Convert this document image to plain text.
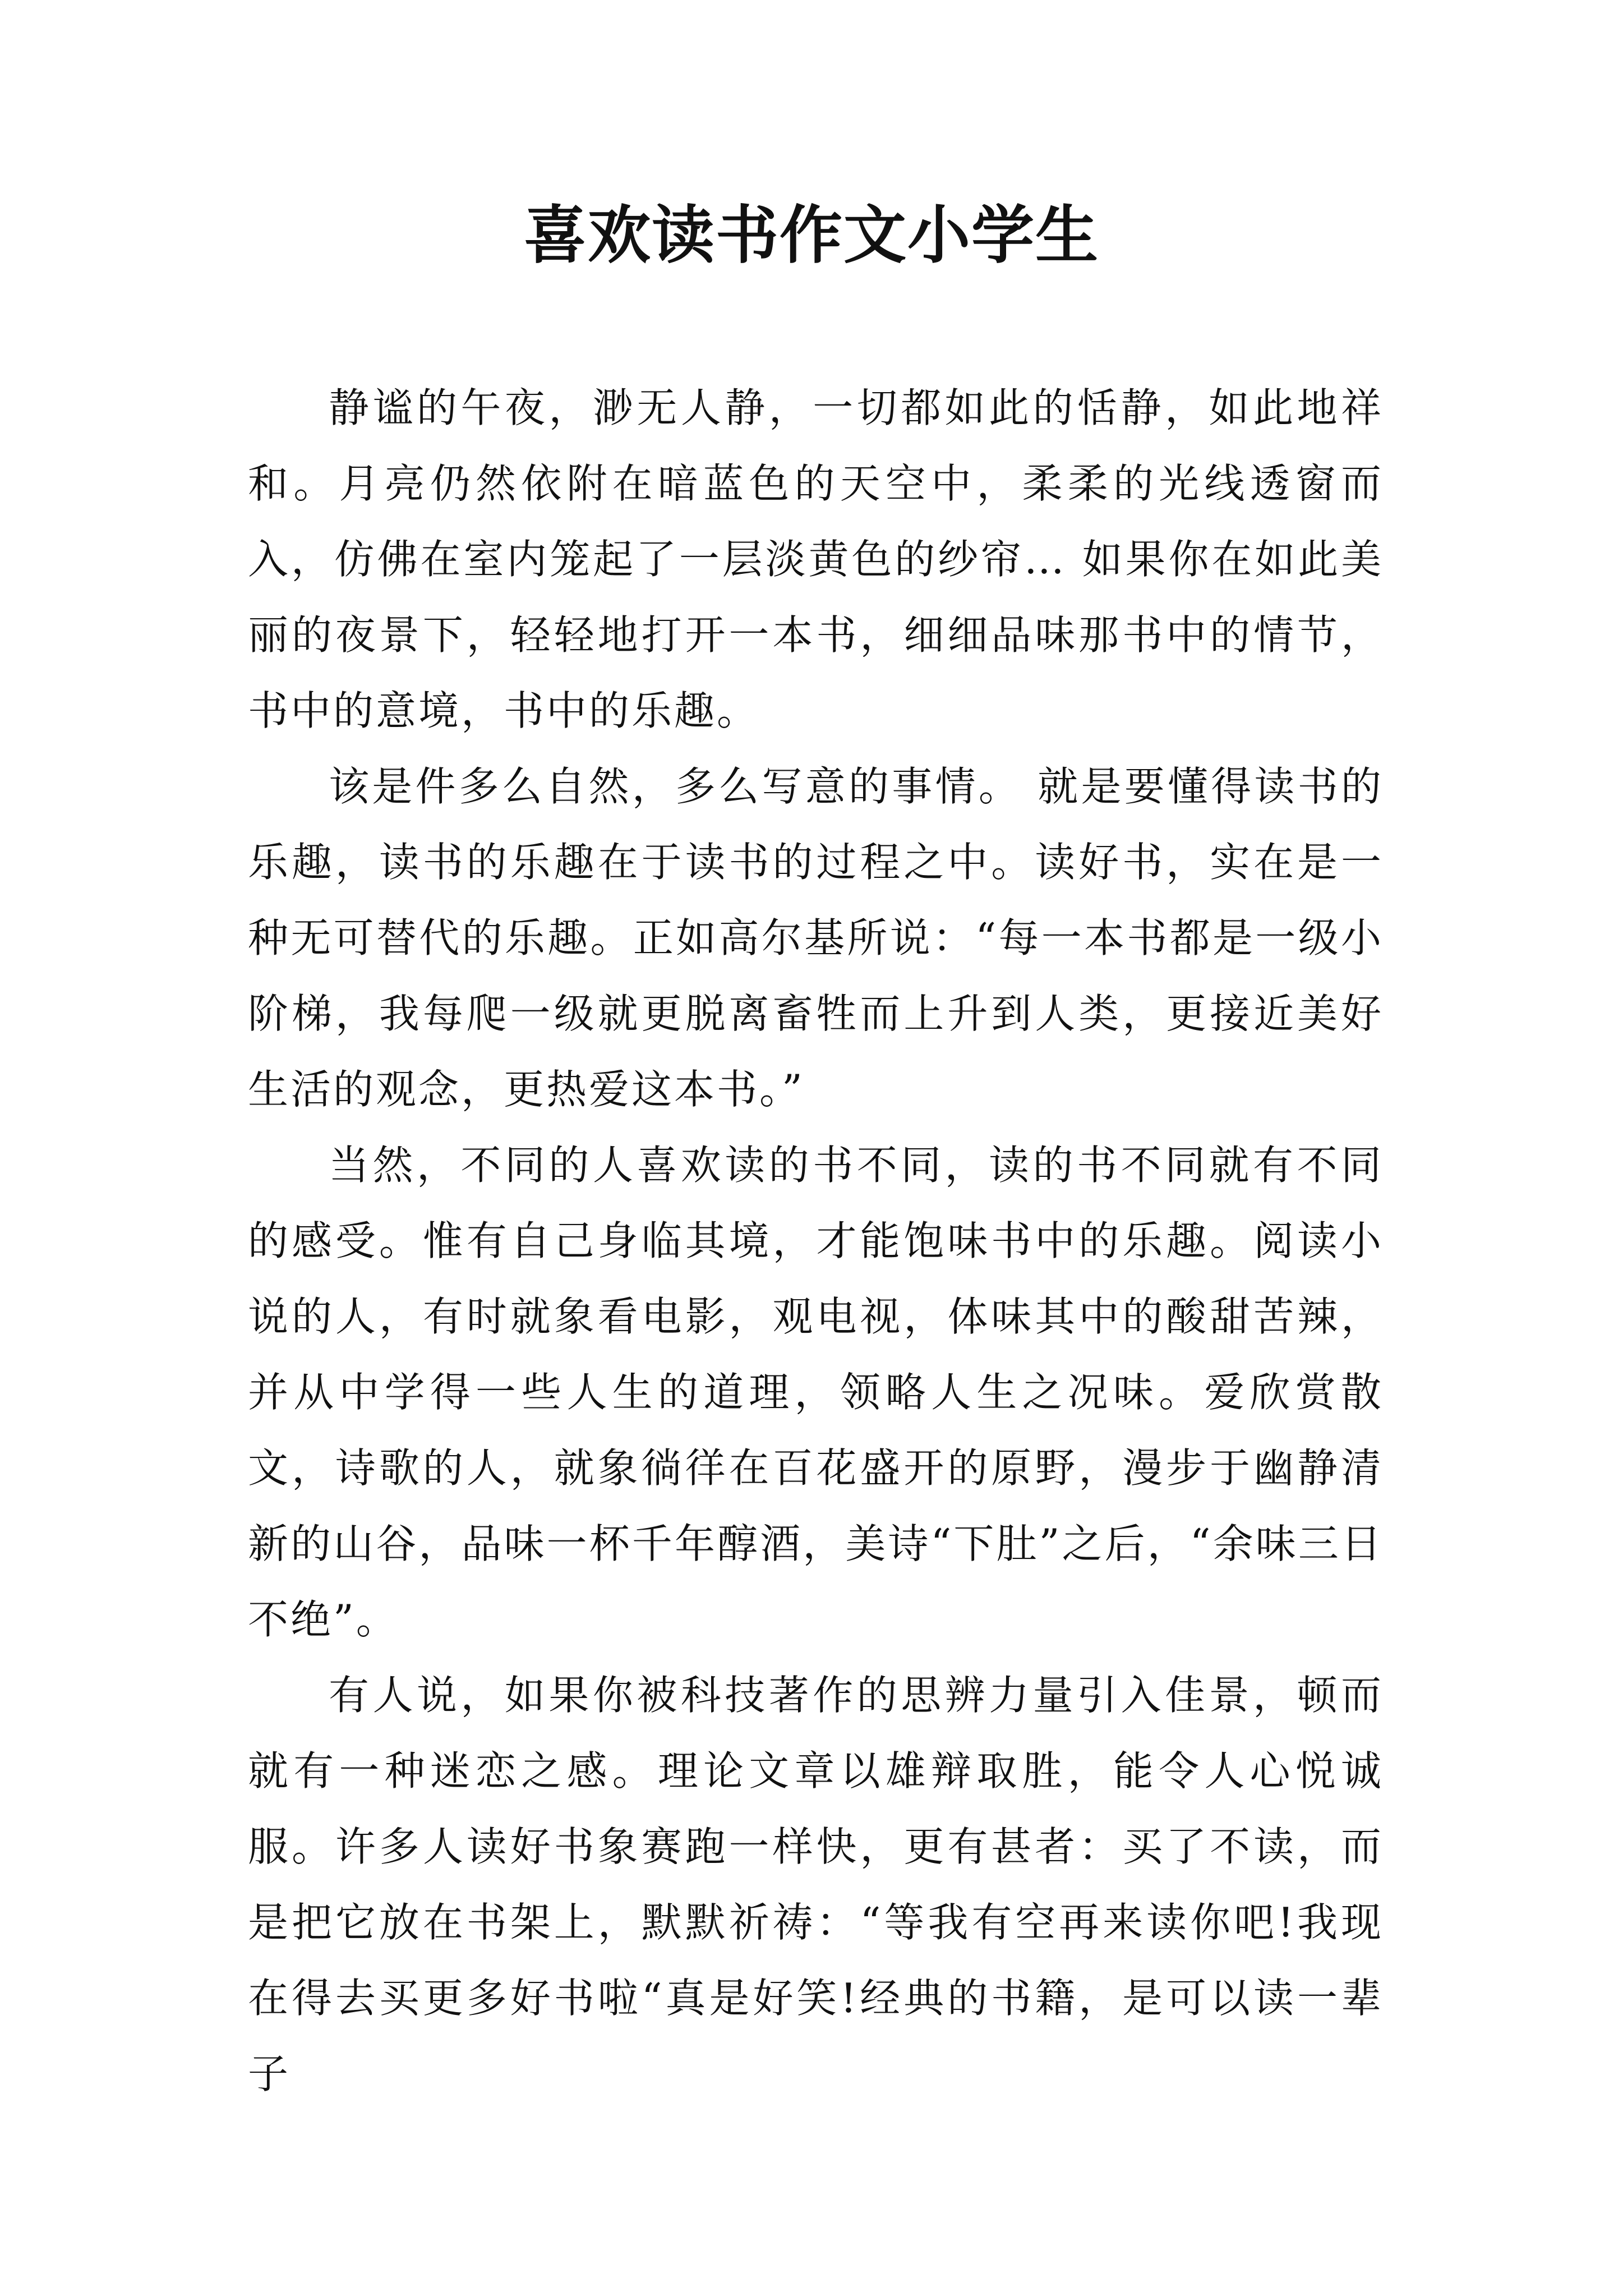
喜欢读书作文小学生

静谧的午夜，渺无人静，一切都如此的恬静，如此地祥和。月亮仍然依附在暗蓝色的天空中，柔柔的光线透窗而入，仿佛在室内笼起了一层淡黄色的纱帘… 如果你在如此美丽的夜景下，轻轻地打开一本书，细细品味那书中的情节，书中的意境，书中的乐趣。

该是件多么自然，多么写意的事情。 就是要懂得读书的乐趣，读书的乐趣在于读书的过程之中。读好书，实在是一种无可替代的乐趣。正如高尔基所说：“每一本书都是一级小阶梯，我每爬一级就更脱离畜牲而上升到人类，更接近美好生活的观念，更热爱这本书。”

当然，不同的人喜欢读的书不同，读的书不同就有不同的感受。惟有自己身临其境，才能饱味书中的乐趣。阅读小说的人，有时就象看电影，观电视，体味其中的酸甜苦辣，并从中学得一些人生的道理，领略人生之况味。爱欣赏散文，诗歌的人，就象徜徉在百花盛开的原野，漫步于幽静清新的山谷，品味一杯千年醇酒，美诗“下肚”之后，“余味三日不绝”。

有人说，如果你被科技著作的思辨力量引入佳景，顿而就有一种迷恋之感。理论文章以雄辩取胜，能令人心悦诚服。许多人读好书象赛跑一样快，更有甚者：买了不读，而是把它放在书架上，默默祈祷：“等我有空再来读你吧!我现在得去买更多好书啦“真是好笑!经典的书籍，是可以读一辈子
